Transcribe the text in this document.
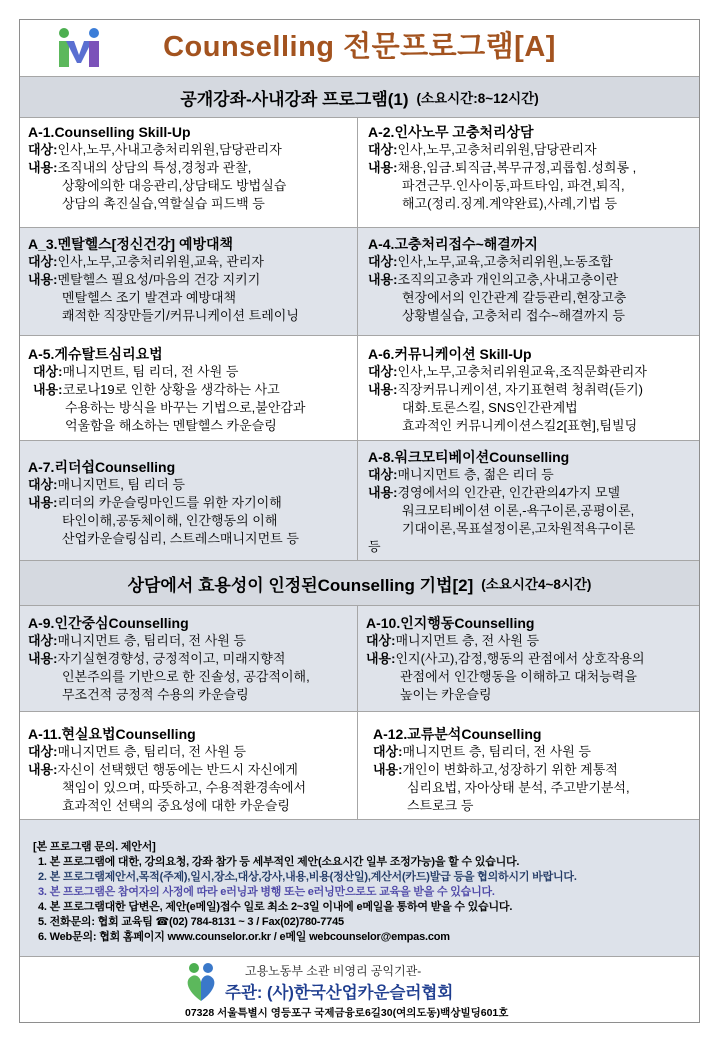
Counselling 전문프로그램[A]
공개강좌-사내강좌 프로그램(1) (소요시간:8~12시간)
A-1.Counselling Skill-Up
대상:인사,노무,사내고충처리위원,담당관리자
내용:조직내의 상담의 특성,경청과 관찰,
상황에의한 대응관리,상담태도 방법실습
상담의 촉진실습,역할실습 피드백 등
A-2.인사노무 고충처리상담
대상:인사,노무,고충처리위원,담당관리자
내용:채용,임금.퇴직금,복무규정,괴롭힘.성희롱 ,
파견근무.인사이동,파트타임, 파견,퇴직,
해고(정리.징계.계약완료),사례,기법 등
A_3.멘탈헬스[정신건강] 예방대책
대상:인사,노무,고충처리위원,교육, 관리자
내용:멘탈헬스 필요성/마음의 건강 지키기
멘탈헬스 조기 발견과 예방대책
쾌적한 직장만들기/커뮤니케이션 트레이닝
A-4.고충처리접수~해결까지
대상:인사,노무,교육,고충처리위원,노동조합
내용:조직의고충과 개인의고충,사내고충이란
현장에서의 인간관계 갈등관리,현장고충
상황별실습, 고충처리 접수~해결까지 등
A-5.게슈탈트심리요법
대상:매니지먼트, 팀 리더, 전 사원 등
내용:코로나19로 인한 상황을 생각하는 사고
수용하는 방식을 바꾸는 기법으로,불안감과
억울함을 해소하는 멘탈헬스 카운슬링
A-6.커뮤니케이션 Skill-Up
대상:인사,노무,고충처리위원교육,조직문화관리자
내용:직장커뮤니케이션, 자기표현력 청취력(듣기)
대화.토론스킬, SNS인간관계법
효과적인 커뮤니케이션스킬2[표현],팀빌딩
A-7.리더쉽Counselling
대상:매니지먼트, 팀 리더 등
내용:리더의 카운슬링마인드를 위한 자기이해
타인이해,공동체이해, 인간행동의 이해
산업카운슬링심리, 스트레스매니지먼트 등
A-8.워크모티베이션Counselling
대상:매니지먼트 층, 젊은 리더 등
내용:경영에서의 인간관, 인간관의4가지 모델
워크모티베이션 이론,-욕구이론,공평이론,
기대이론,목표설정이론,고차원적욕구이론
등
상담에서 효용성이 인정된Counselling 기법[2] (소요시간4~8시간)
A-9.인간중심Counselling
대상:매니지먼트 층, 팀리더, 전 사원 등
내용:자기실현경향성, 긍정적이고, 미래지향적
인본주의를 기반으로 한 진솔성, 공감적이해,
무조건적 긍정적 수용의 카운슬링
A-10.인지행동Counselling
대상:매니지먼트 층, 전 사원 등
내용:인지(사고),감정,행동의 관점에서 상호작용의
관점에서 인간행동을 이해하고 대처능력을
높이는 카운슬링
A-11.현실요법Counselling
대상:매니지먼트 층, 팀리더, 전 사원 등
내용:자신이 선택했던 행동에는 반드시 자신에게
책임이 있으며, 따뜻하고, 수용적환경속에서
효과적인 선택의 중요성에 대한 카운슬링
A-12.교류분석Counselling
대상:매니지먼트 층, 팀리더, 전 사원 등
내용:개인이 변화하고,성장하기 위한 계통적
심리요법, 자아상태 분석, 주고받기분석,
스트로크 등
[본 프로그램 문의. 제안서]
1. 본 프로그램에 대한, 강의요청, 강좌 참가 등 세부적인 제안(소요시간 일부 조정가능)을 할 수 있습니다.
2. 본 프로그램제안서,목적(주제),일시,장소,대상,강사,내용,비용(정산일),계산서(카드)발급 등을 협의하시기 바랍니다.
3. 본 프로그램은 참여자의 사정에 따라 e러닝과 병행 또는 e러닝만으로도 교육을 받을 수 있습니다.
4. 본 프로그램대한 답변은, 제안(e메일)접수 일로 최소 2~3일 이내에 e메일을 통하여 받을 수 있습니다.
5. 전화문의: 협회 교육팀 ☎(02) 784-8131 ~ 3 / Fax(02)780-7745
6. Web문의: 협회 홈페이지 www.counselor.or.kr / e메일 webcounselor@empas.com
고용노동부 소관 비영리 공익기관-
주관: (사)한국산업카운슬러협회
07328 서울특별시 영등포구 국제금융로6길30(여의도동)백상빌딩601호
